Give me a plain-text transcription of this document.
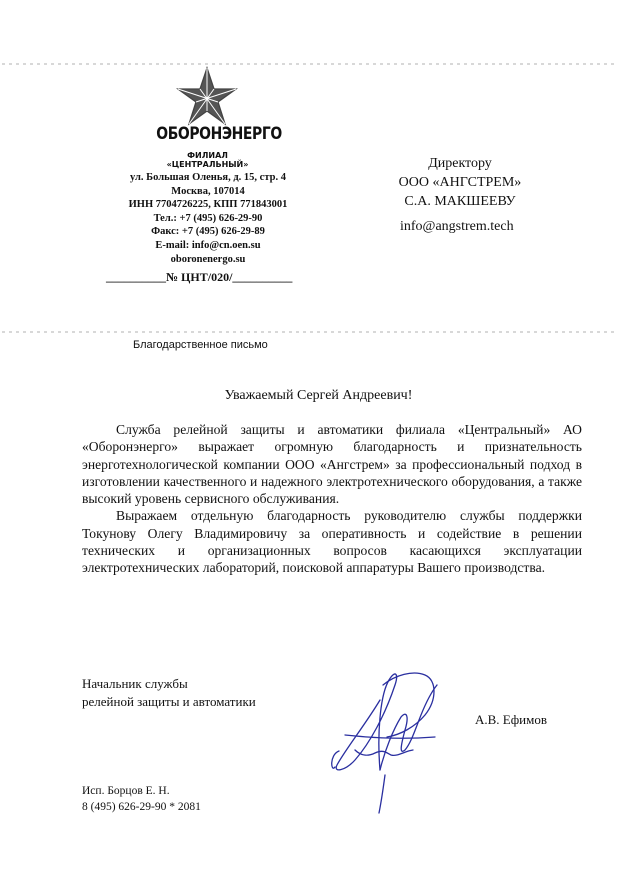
ОБОРОНЭНЕРГО
ФИЛИАЛ «ЦЕНТРАЛЬНЫЙ»
ул. Большая Оленья, д. 15, стр. 4
Москва, 107014
ИНН 7704726225, КПП 771843001
Тел.: +7 (495) 626-29-90
Факс: +7 (495) 626-29-89
E-mail: info@cn.oen.su
oboronenergo.su
__________№ ЦНТ/020/__________
Директору
ООО «АНГСТРЕМ»
С.А. МАКШЕЕВУ
info@angstrem.tech
Благодарственное письмо
Уважаемый Сергей Андреевич!

Служба релейной защиты и автоматики филиала «Центральный» АО «Оборонэнерго» выражает огромную благодарность и признательность энерготехнологической компании ООО «Ангстрем» за профессиональный подход в изготовлении качественного и надежного электротехнического оборудования, а также высокий уровень сервисного обслуживания.

Выражаем отдельную благодарность руководителю службы поддержки Токунову Олегу Владимировичу за оперативность и содействие в решении технических и организационных вопросов касающихся эксплуатации электротехнических лабораторий, поисковой аппаратуры Вашего производства.

Начальник службы
релейной защиты и автоматики
А.В. Ефимов
Исп. Борцов Е. Н.
8 (495) 626-29-90 * 2081
